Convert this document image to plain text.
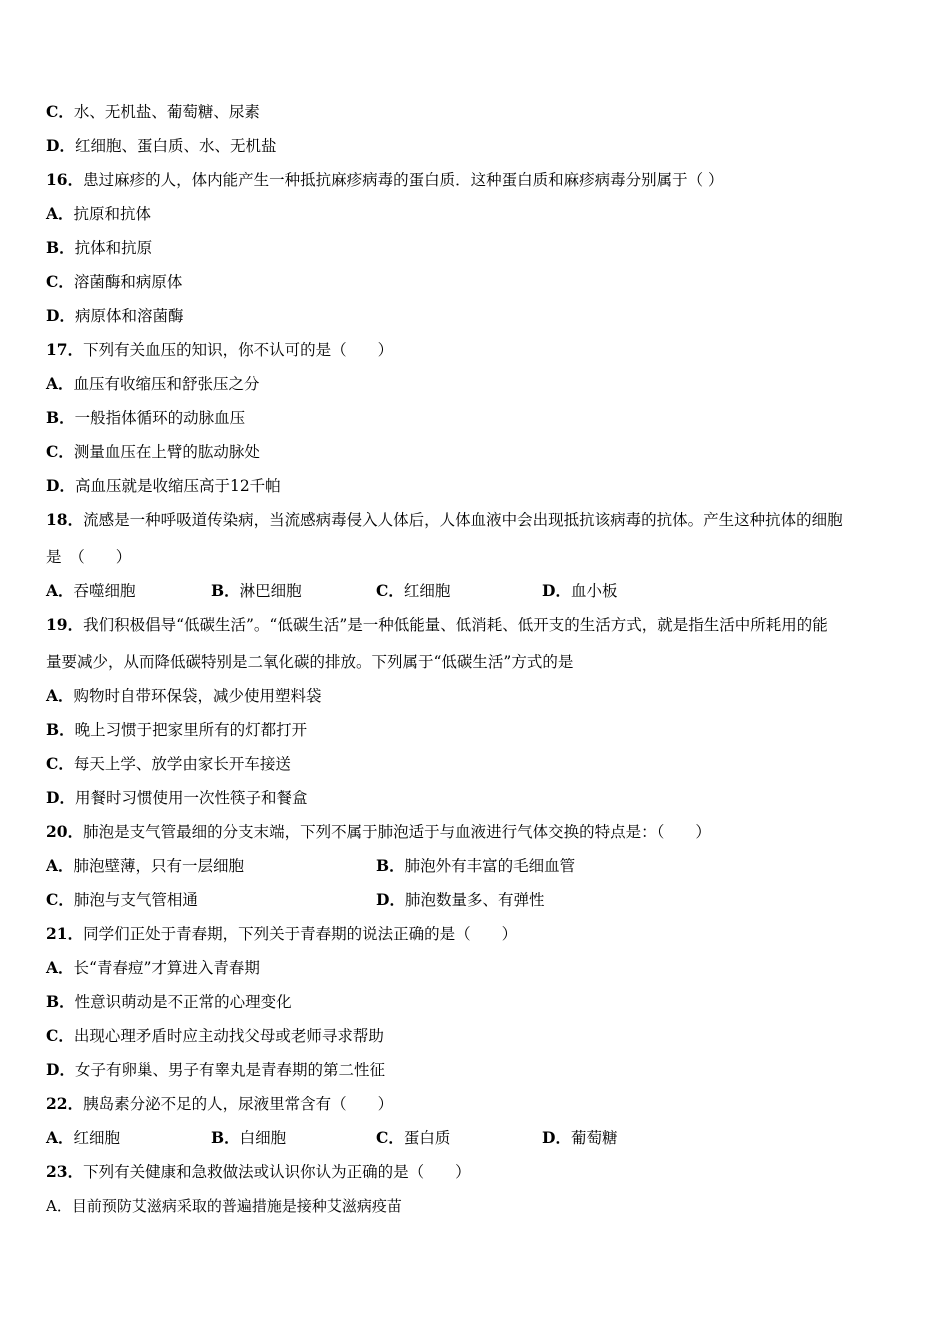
C．水、无机盐、葡萄糖、尿素
D．红细胞、蛋白质、水、无机盐
16．患过麻疹的人，体内能产生一种抵抗麻疹病毒的蛋白质．这种蛋白质和麻疹病毒分别属于（ ）
A．抗原和抗体
B．抗体和抗原
C．溶菌酶和病原体
D．病原体和溶菌酶
17．下列有关血压的知识，你不认可的是（　　）
A．血压有收缩压和舒张压之分
B．一般指体循环的动脉血压
C．测量血压在上臂的肱动脉处
D．高血压就是收缩压高于12千帕
18．流感是一种呼吸道传染病，当流感病毒侵入人体后，人体血液中会出现抵抗该病毒的抗体。产生这种抗体的细胞
是　（　　）
A．吞噬细胞	B．淋巴细胞	C．红细胞	D．血小板
19．我们积极倡导“低碳生活”。“低碳生活”是一种低能量、低消耗、低开支的生活方式，就是指生活中所耗用的能
量要减少，从而降低碳特别是二氧化碳的排放。下列属于“低碳生活”方式的是
A．购物时自带环保袋，减少使用塑料袋
B．晚上习惯于把家里所有的灯都打开
C．每天上学、放学由家长开车接送
D．用餐时习惯使用一次性筷子和餐盒
20．肺泡是支气管最细的分支末端，下列不属于肺泡适于与血液进行气体交换的特点是：（　　）
A．肺泡壁薄，只有一层细胞	B．肺泡外有丰富的毛细血管
C．肺泡与支气管相通	D．肺泡数量多、有弹性
21．同学们正处于青春期，下列关于青春期的说法正确的是（　　）
A．长“青春痘”才算进入青春期
B．性意识萌动是不正常的心理变化
C．出现心理矛盾时应主动找父母或老师寻求帮助
D．女子有卵巢、男子有睾丸是青春期的第二性征
22．胰岛素分泌不足的人，尿液里常含有（　　）
A．红细胞	B．白细胞	C．蛋白质	D．葡萄糖
23．下列有关健康和急救做法或认识你认为正确的是（　　）
A．目前预防艾滋病采取的普遍措施是接种艾滋病疫苗
